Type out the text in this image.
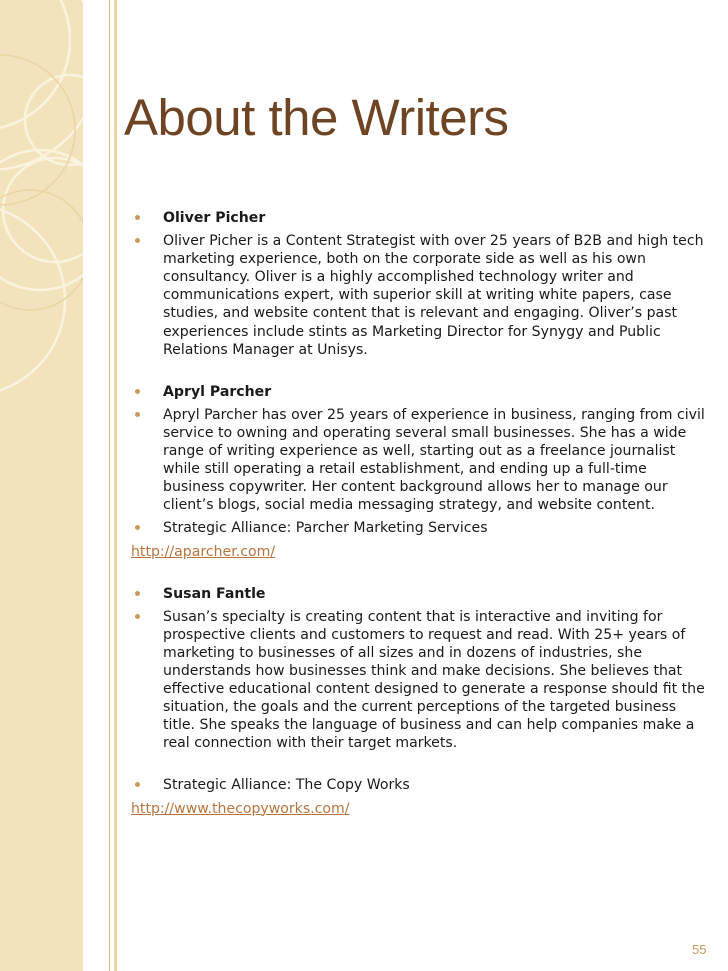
About the Writers
Oliver Picher
Oliver Picher is a Content Strategist with over 25 years of B2B and high tech marketing experience, both on the corporate side as well as his own consultancy. Oliver is a highly accomplished technology writer and communications expert, with superior skill at writing white papers, case studies, and website content that is relevant and engaging. Oliver’s past experiences include stints as Marketing Director for Synygy and Public Relations Manager at Unisys.
Apryl Parcher
Apryl Parcher has over 25 years of experience in business, ranging from civil service to owning and operating several small businesses. She has a wide range of writing experience as well, starting out as a freelance journalist while still operating a retail establishment, and ending up a full-time business copywriter. Her content background allows her to manage our client’s blogs, social media messaging strategy, and website content.
Strategic Alliance: Parcher Marketing Services
http://aparcher.com/
Susan Fantle
Susan’s specialty is creating content that is interactive and inviting for prospective clients and customers to request and read. With 25+ years of marketing to businesses of all sizes and in dozens of industries, she understands how businesses think and make decisions. She believes that effective educational content designed to generate a response should fit the situation, the goals and the current perceptions of the targeted business title. She speaks the language of business and can help companies make a real connection with their target markets.
Strategic Alliance: The Copy Works
http://www.thecopyworks.com/
55
